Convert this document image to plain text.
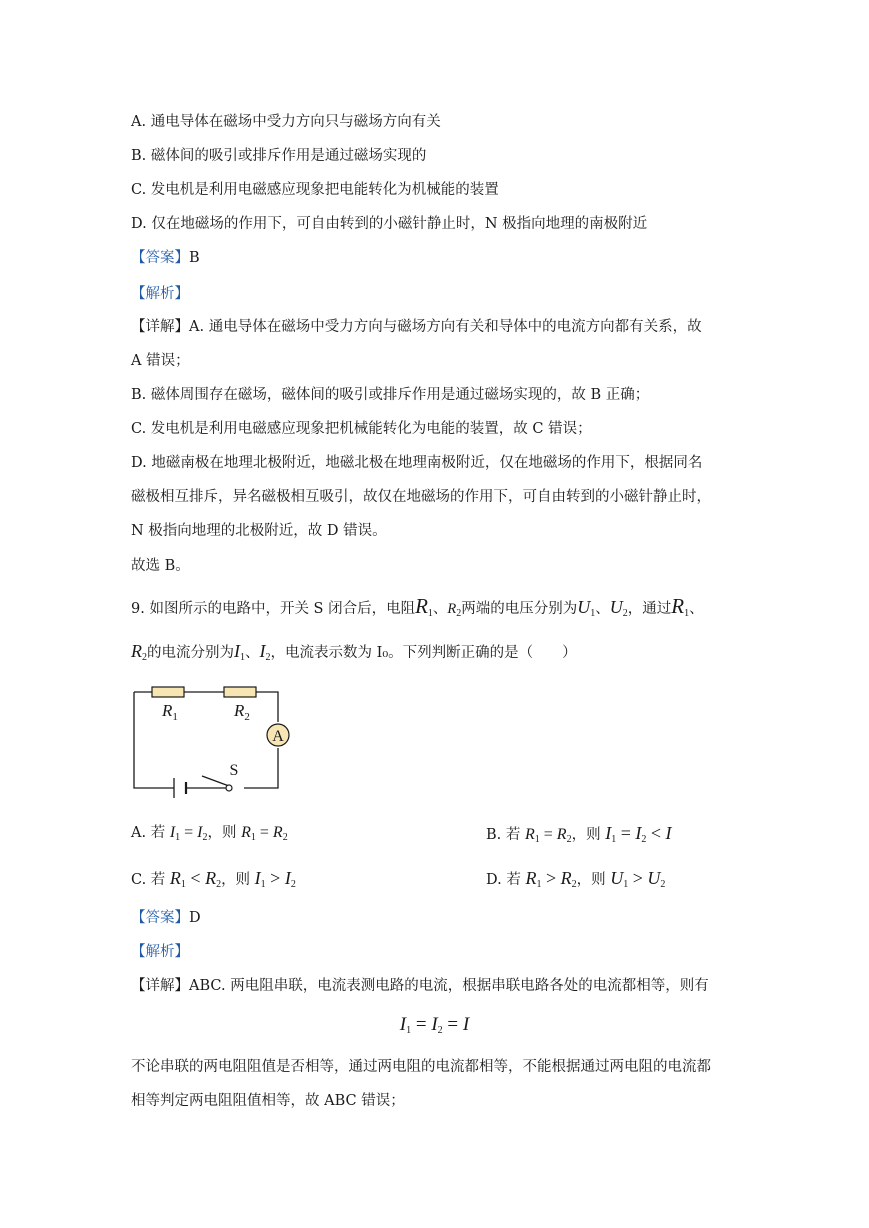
A. 通电导体在磁场中受力方向只与磁场方向有关
B. 磁体间的吸引或排斥作用是通过磁场实现的
C. 发电机是利用电磁感应现象把电能转化为机械能的装置
D. 仅在地磁场的作用下，可自由转到的小磁针静止时，N 极指向地理的南极附近
【答案】B
【解析】
【详解】A. 通电导体在磁场中受力方向与磁场方向有关和导体中的电流方向都有关系，故
A 错误；
B. 磁体周围存在磁场，磁体间的吸引或排斥作用是通过磁场实现的，故 B 正确；
C. 发电机是利用电磁感应现象把机械能转化为电能的装置，故 C 错误；
D. 地磁南极在地理北极附近，地磁北极在地理南极附近，仅在地磁场的作用下，根据同名
磁极相互排斥，异名磁极相互吸引，故仅在地磁场的作用下，可自由转到的小磁针静止时，
N 极指向地理的北极附近，故 D 错误。
故选 B。
9. 如图所示的电路中，开关 S 闭合后，电阻$R_1$、$R_2$两端的电压分别为$U_1$、$U_2$，通过$R_1$、
$R_2$的电流分别为$I_1$、$I_2$，电流表示数为 I₀。下列判断正确的是（　　）
$R_1$	$R_2$
A
S
A. 若 $I_1 = I_2$，则 $R_1 = R_2$	B. 若 $R_1 = R_2$，则 $I_1 = I_2 < I$
C. 若 $R_1 < R_2$，则 $I_1 > I_2$	D. 若 $R_1 > R_2$，则 $U_1 > U_2$
【答案】D
【解析】
【详解】ABC. 两电阻串联，电流表测电路的电流，根据串联电路各处的电流都相等，则有
$I_1 = I_2 = I$
不论串联的两电阻阻值是否相等，通过两电阻的电流都相等，不能根据通过两电阻的电流都
相等判定两电阻阻值相等，故 ABC 错误；
